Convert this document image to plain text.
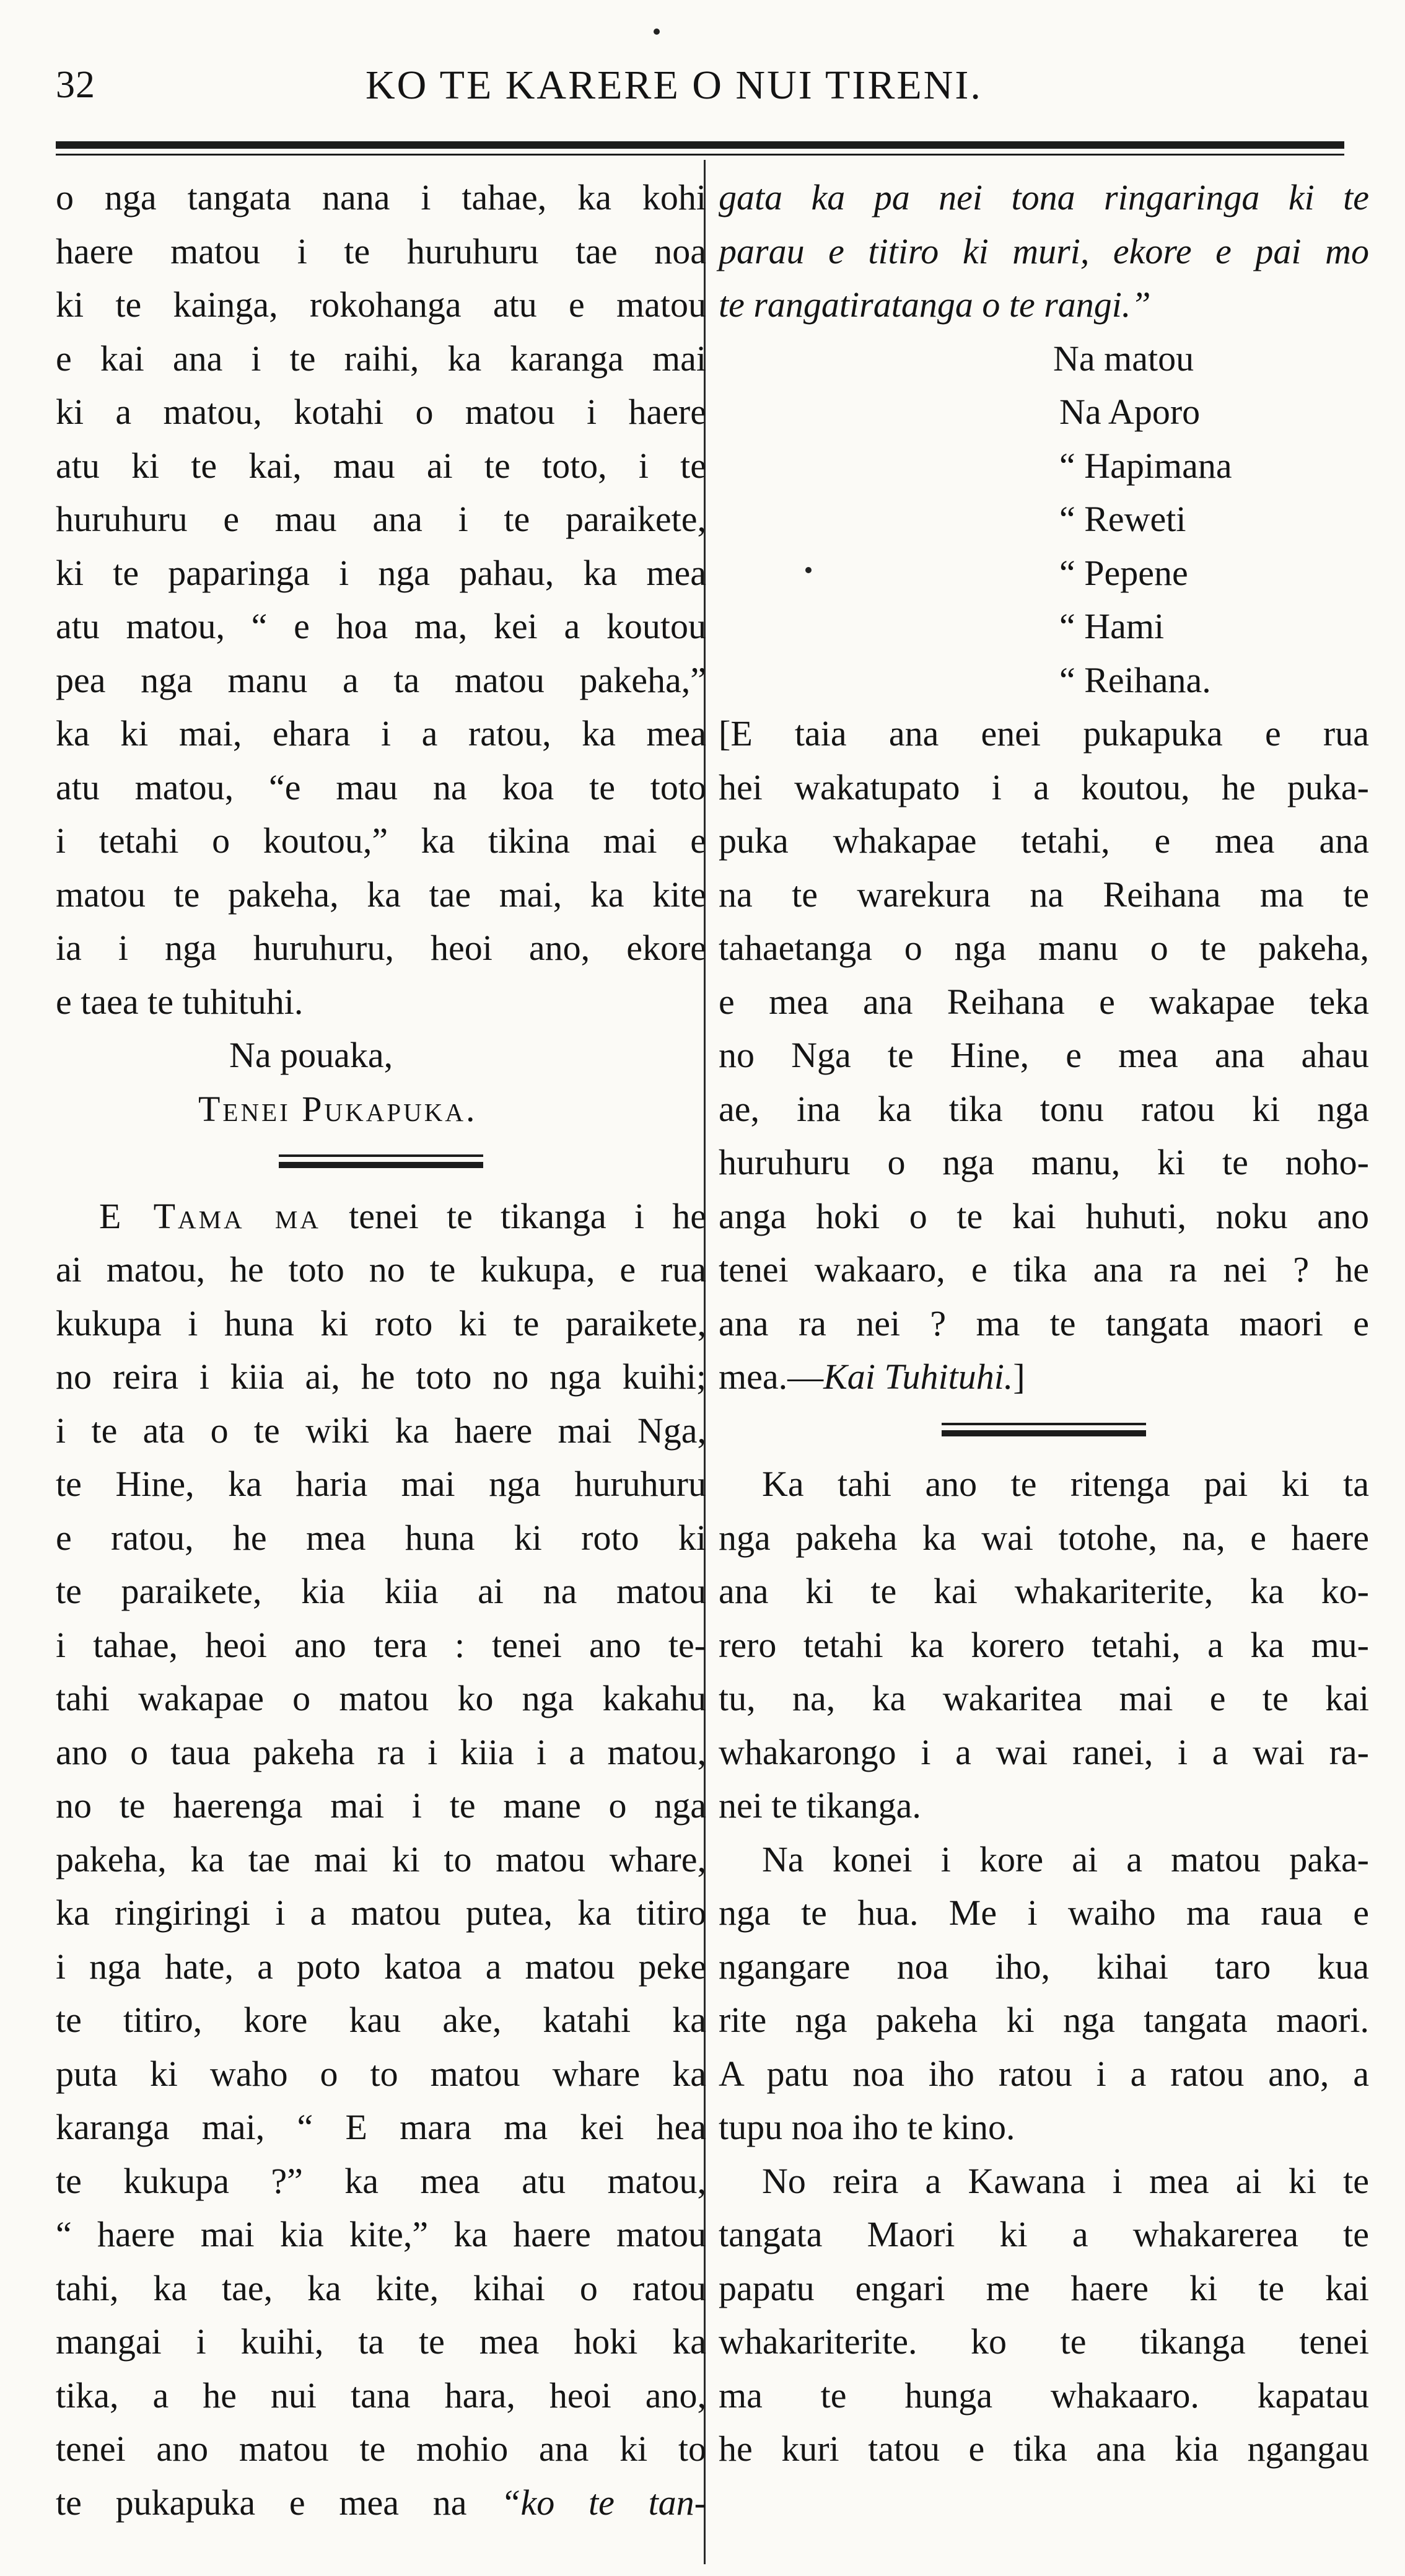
32	KO TE KARERE O NUI TIRENI.
o nga tangata nana i tahae, ka kohi
haere matou i te huruhuru tae noa
ki te kainga, rokohanga atu e matou
e kai ana i te raihi, ka karanga mai
ki a matou, kotahi o matou i haere
atu ki te kai, mau ai te toto, i te
huruhuru e mau ana i te paraikete,
ki te paparinga i nga pahau, ka mea
atu matou, “ e hoa ma, kei a koutou
pea nga manu a ta matou pakeha,”
ka ki mai, ehara i a ratou, ka mea
atu matou, “e mau na koa te toto
i tetahi o koutou,” ka tikina mai e
matou te pakeha, ka tae mai, ka kite
ia i nga huruhuru, heoi ano, ekore
e taea te tuhituhi.
Na pouaka,
Tenei Pukapuka.
E Tama ma tenei te tikanga i he
ai matou, he toto no te kukupa, e rua
kukupa i huna ki roto ki te paraikete,
no reira i kiia ai, he toto no nga kuihi;
i te ata o te wiki ka haere mai Nga,
te Hine, ka haria mai nga huruhuru
e ratou, he mea huna ki roto ki
te paraikete, kia kiia ai na matou
i tahae, heoi ano tera : tenei ano te-
tahi wakapae o matou ko nga kakahu
ano o taua pakeha ra i kiia i a matou,
no te haerenga mai i te mane o nga
pakeha, ka tae mai ki to matou whare,
ka ringiringi i a matou putea, ka titiro
i nga hate, a poto katoa a matou peke
te titiro, kore kau ake, katahi ka
puta ki waho o to matou whare ka
karanga mai, “ E mara ma kei hea
te kukupa ?” ka mea atu matou,
“ haere mai kia kite,” ka haere matou
tahi, ka tae, ka kite, kihai o ratou
mangai i kuihi, ta te mea hoki ka
tika, a he nui tana hara, heoi ano,
tenei ano matou te mohio ana ki to
te pukapuka e mea na “ko te tan-
gata ka pa nei tona ringaringa ki te
parau e titiro ki muri, ekore e pai mo
te rangatiratanga o te rangi.”
Na matou
Na Aporo
“ Hapimana
“ Reweti
“ Pepene
“ Hami
“ Reihana.
[E taia ana enei pukapuka e rua
hei wakatupato i a koutou, he puka-
puka whakapae tetahi, e mea ana
na te warekura na Reihana ma te
tahaetanga o nga manu o te pakeha,
e mea ana Reihana e wakapae teka
no Nga te Hine, e mea ana ahau
ae, ina ka tika tonu ratou ki nga
huruhuru o nga manu, ki te noho-
anga hoki o te kai huhuti, noku ano
tenei wakaaro, e tika ana ra nei ? he
ana ra nei ? ma te tangata maori e
mea.—Kai Tuhituhi.]
Ka tahi ano te ritenga pai ki ta
nga pakeha ka wai totohe, na, e haere
ana ki te kai whakariterite, ka ko-
rero tetahi ka korero tetahi, a ka mu-
tu, na, ka wakaritea mai e te kai
whakarongo i a wai ranei, i a wai ra-
nei te tikanga.
Na konei i kore ai a matou paka-
nga te hua. Me i waiho ma raua e
ngangare noa iho, kihai taro kua
rite nga pakeha ki nga tangata maori.
A patu noa iho ratou i a ratou ano, a
tupu noa iho te kino.
No reira a Kawana i mea ai ki te
tangata Maori ki a whakarerea te
papatu engari me haere ki te kai
whakariterite. ko te tikanga tenei
ma te hunga whakaaro. kapatau
he kuri tatou e tika ana kia ngangau
